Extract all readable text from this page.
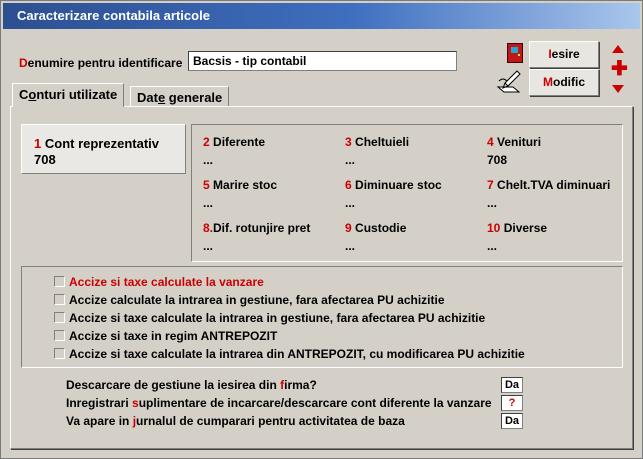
Caracterizare contabila articole
Denumire pentru identificare
Bacsis - tip contabil
Iesire
Modific
✚
Conturi utilizate	Date generale
1 Cont reprezentativ
708
2 Diferente
...
3 Cheltuieli
...
4 Venituri
708
5 Marire stoc
...
6 Diminuare stoc
...
7 Chelt.TVA diminuari
...
8.Dif. rotunjire pret
...
9 Custodie
...
10 Diverse
...
Accize si taxe calculate la vanzare
Accize calculate la intrarea in gestiune, fara afectarea PU achizitie
Accize si taxe calculate la intrarea in gestiune, fara afectarea PU achizitie
Accize si taxe in regim ANTREPOZIT
Accize si taxe calculate la intrarea din ANTREPOZIT, cu modificarea PU achizitie
Descarcare de gestiune la iesirea din firma?	Da
Inregistrari suplimentare de incarcare/descarcare cont diferente la vanzare	?
Va apare in jurnalul de cumparari pentru activitatea de baza	Da
